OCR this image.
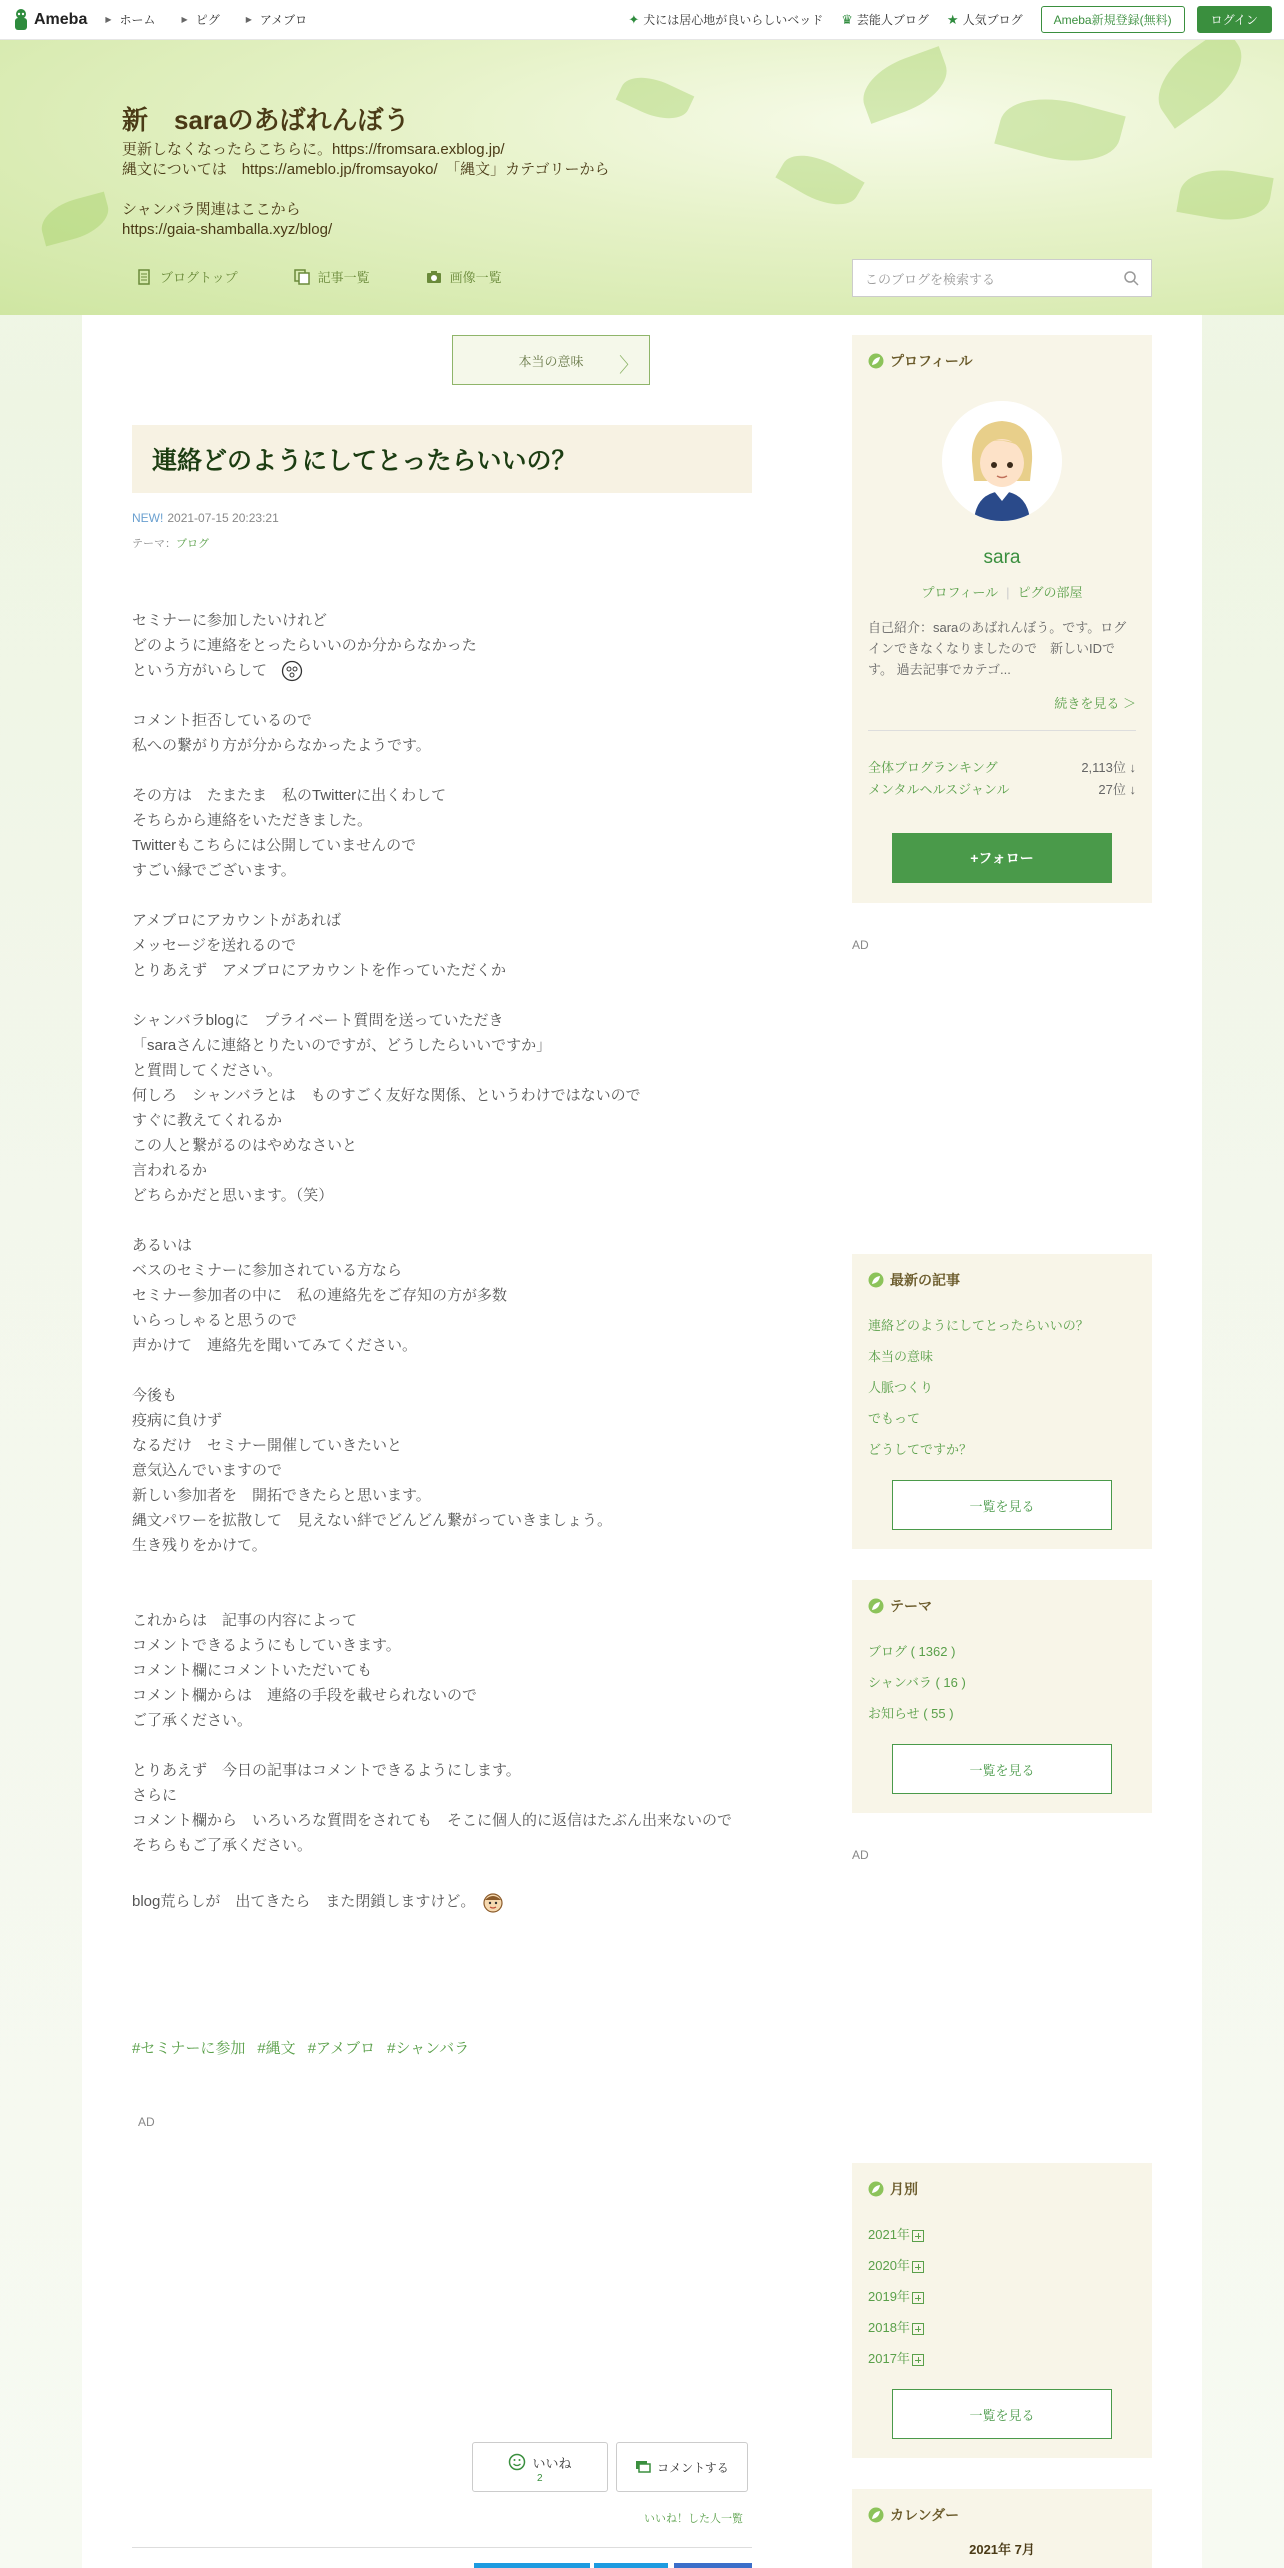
Ameba ▶ ホーム	▶ ピグ	▶ アメブロ	✦ 犬には居心地が良いらしいベッド ♛ 芸能人ブログ ★ 人気ブログ	Ameba新規登録(無料)	ログイン
新　saraのあばれんぼう
更新しなくなったらこちらに。https://fromsara.exblog.jp/
縄文については　https://ameblo.jp/fromsayoko/　「縄文」カテゴリーから
シャンバラ関連はここから
https://gaia-shamballa.xyz/blog/
ブログトップ	記事一覧	画像一覧	このブログを検索する
本当の意味 〉
連絡どのようにしてとったらいいの？
NEW! 2021-07-15 20:23:21
テーマ：ブログ

セミナーに参加したいけれど

どのように連絡をとったらいいのか分からなかった

という方がいらして

コメント拒否しているので

私への繋がり方が分からなかったようです。

その方は　たまたま　私のTwitterに出くわして

そちらから連絡をいただきました。

Twitterもこちらには公開していませんので

すごい縁でございます。

アメブロにアカウントがあれば

メッセージを送れるので

とりあえず　アメブロにアカウントを作っていただくか

シャンバラblogに　プライベート質問を送っていただき

「saraさんに連絡とりたいのですが、どうしたらいいですか」

と質問してください。

何しろ　シャンバラとは　ものすごく友好な関係、というわけではないので

すぐに教えてくれるか

この人と繋がるのはやめなさいと

言われるか

どちらかだと思います。（笑）

あるいは

ベスのセミナーに参加されている方なら

セミナー参加者の中に　私の連絡先をご存知の方が多数

いらっしゃると思うので

声かけて　連絡先を聞いてみてください。

今後も

疫病に負けず

なるだけ　セミナー開催していきたいと

意気込んでいますので

新しい参加者を　開拓できたらと思います。

縄文パワーを拡散して　見えない絆でどんどん繋がっていきましょう。

生き残りをかけて。

これからは　記事の内容によって

コメントできるようにもしていきます。

コメント欄にコメントいただいても

コメント欄からは　連絡の手段を載せられないので

ご了承ください。

とりあえず　今日の記事はコメントできるようにします。

さらに

コメント欄から　いろいろな質問をされても　そこに個人的に返信はたぶん出来ないので

そちらもご了承ください。

blog荒らしが　出てきたら　また閉鎖しますけど。

#セミナーに参加 #縄文 #アメブロ #シャンバラ
AD
いいね
2
コメントする
いいね！した人一覧
プロフィール
sara
プロフィール | ピグの部屋
自己紹介：saraのあばれんぼう。です。ログインできなくなりましたので　新しいIDです。 過去記事でカテゴ...
続きを見る ＞
全体ブログランキング	2,113位 ↓
メンタルヘルスジャンル	27位 ↓
+フォロー
AD
最新の記事
連絡どのようにしてとったらいいの？
本当の意味
人脈つくり
でもって
どうしてですか？
一覧を見る
テーマ
ブログ ( 1362 )
シャンバラ ( 16 )
お知らせ ( 55 )
一覧を見る
AD
月別
2021年
2020年
2019年
2018年
2017年
一覧を見る
カレンダー
2021年 7月
